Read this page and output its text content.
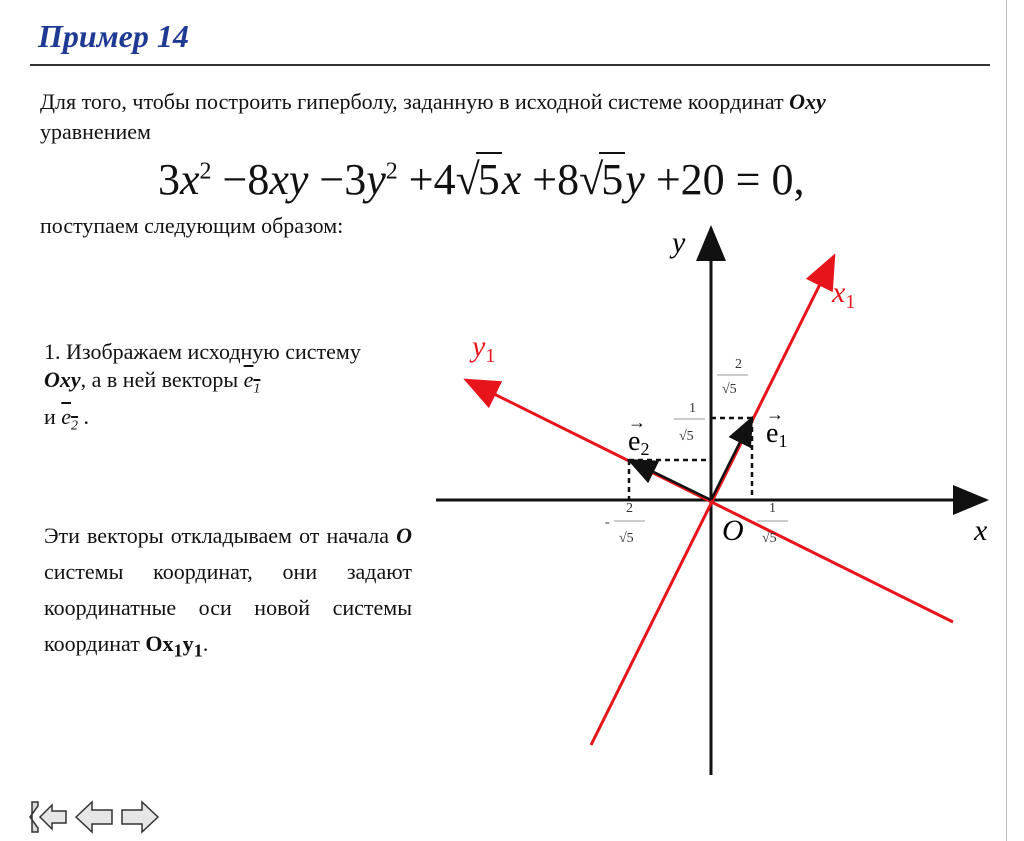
Пример 14
Для того, чтобы построить гиперболу, заданную в исходной системе координат Oxy
уравнением
$3x^2 -8xy -3y^2 +4√5x +8√5y +20 = 0$,
поступаем следующим образом:
1. Изображаем исходную систему Oxy, а в ней векторы $e_1$
и $e_2$ .
Эти векторы откладываем от начала O системы координат, они задают координатные оси новой системы координат $Ox_1y_1$.
x
y
O
$x_1$
$y_1$
e1
→
e2
→
2
√5
1
√5
-
2
√5
1
√5
